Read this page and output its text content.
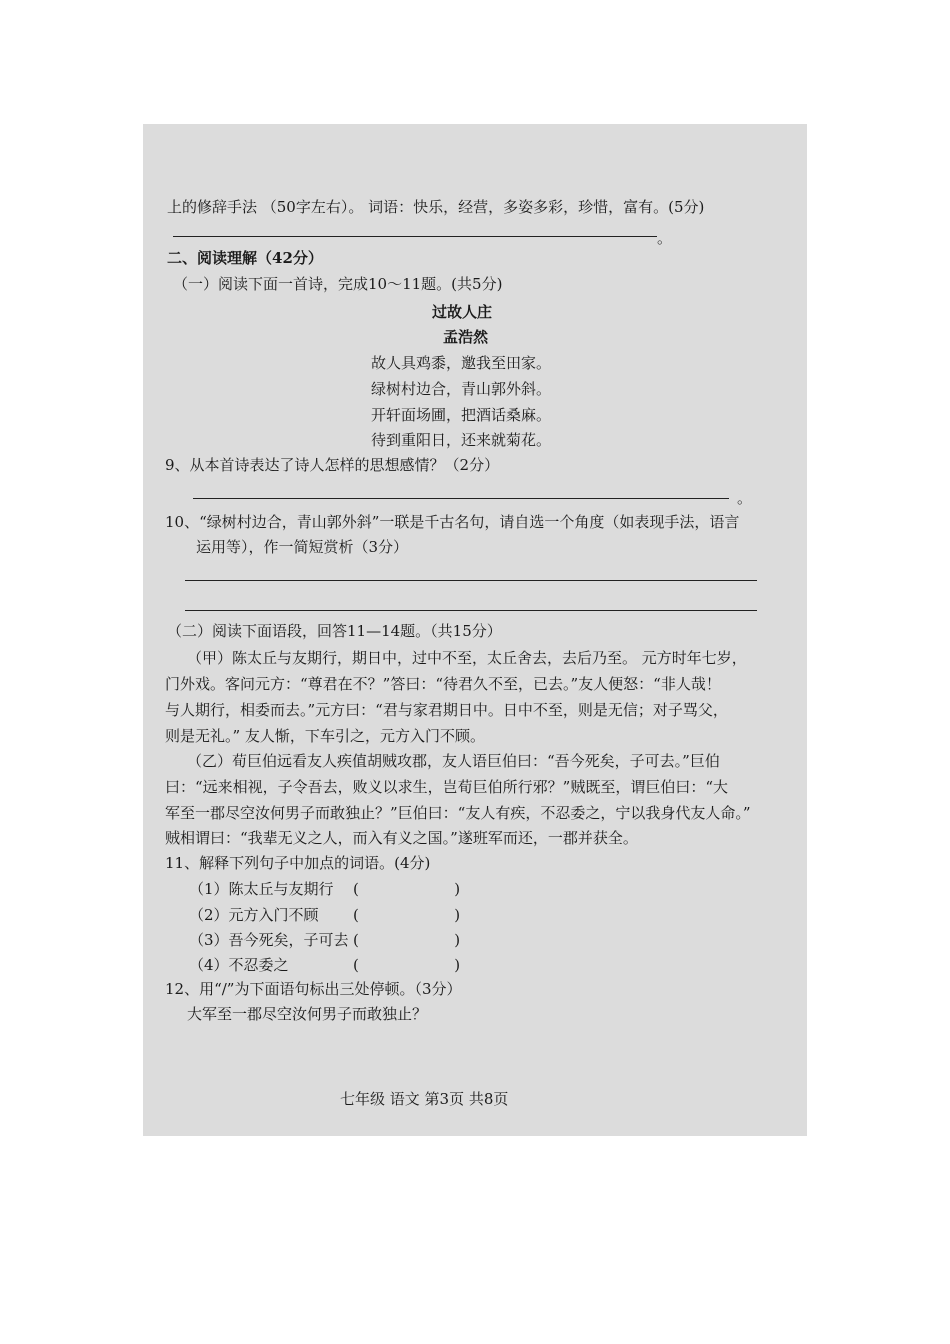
上的修辞手法 （50字左右）。 词语：快乐，经营，多姿多彩，珍惜，富有。(5分)
。
二、阅读理解（42分）
（一）阅读下面一首诗，完成10～11题。(共5分)
过故人庄
孟浩然
故人具鸡黍，邀我至田家。
绿树村边合，青山郭外斜。
开轩面场圃，把酒话桑麻。
待到重阳日，还来就菊花。
9、从本首诗表达了诗人怎样的思想感情？（2分）
。
10、“绿树村边合，青山郭外斜”一联是千古名句，请自选一个角度（如表现手法，语言
运用等），作一简短赏析（3分）
（二）阅读下面语段，回答11—14题。（共15分）
（甲）陈太丘与友期行，期日中，过中不至，太丘舍去，去后乃至。 元方时年七岁，
门外戏。客问元方：“尊君在不？”答曰：“待君久不至，已去。”友人便怒：“非人哉！
与人期行，相委而去。”元方曰：“君与家君期日中。日中不至，则是无信；对子骂父，
则是无礼。” 友人惭，下车引之，元方入门不顾。
（乙）荀巨伯远看友人疾值胡贼攻郡，友人语巨伯曰：“吾今死矣，子可去。”巨伯
曰：“远来相视，子令吾去，败义以求生，岂荀巨伯所行邪？”贼既至，谓巨伯曰：“大
军至一郡尽空汝何男子而敢独止？”巨伯曰：“友人有疾，不忍委之，宁以我身代友人命。”
贼相谓曰：“我辈无义之人，而入有义之国。”遂班军而还，一郡并获全。
11、解释下列句子中加点的词语。(4分)
（1）陈太丘与友期行 (                    )
（2）元方入门不顾 (                    )
（3）吾今死矣，子可去 (                    )
（4）不忍委之	(                    )
12、用“/”为下面语句标出三处停顿。（3分）
大军至一郡尽空汝何男子而敢独止？
七年级 语文 第3页 共8页
